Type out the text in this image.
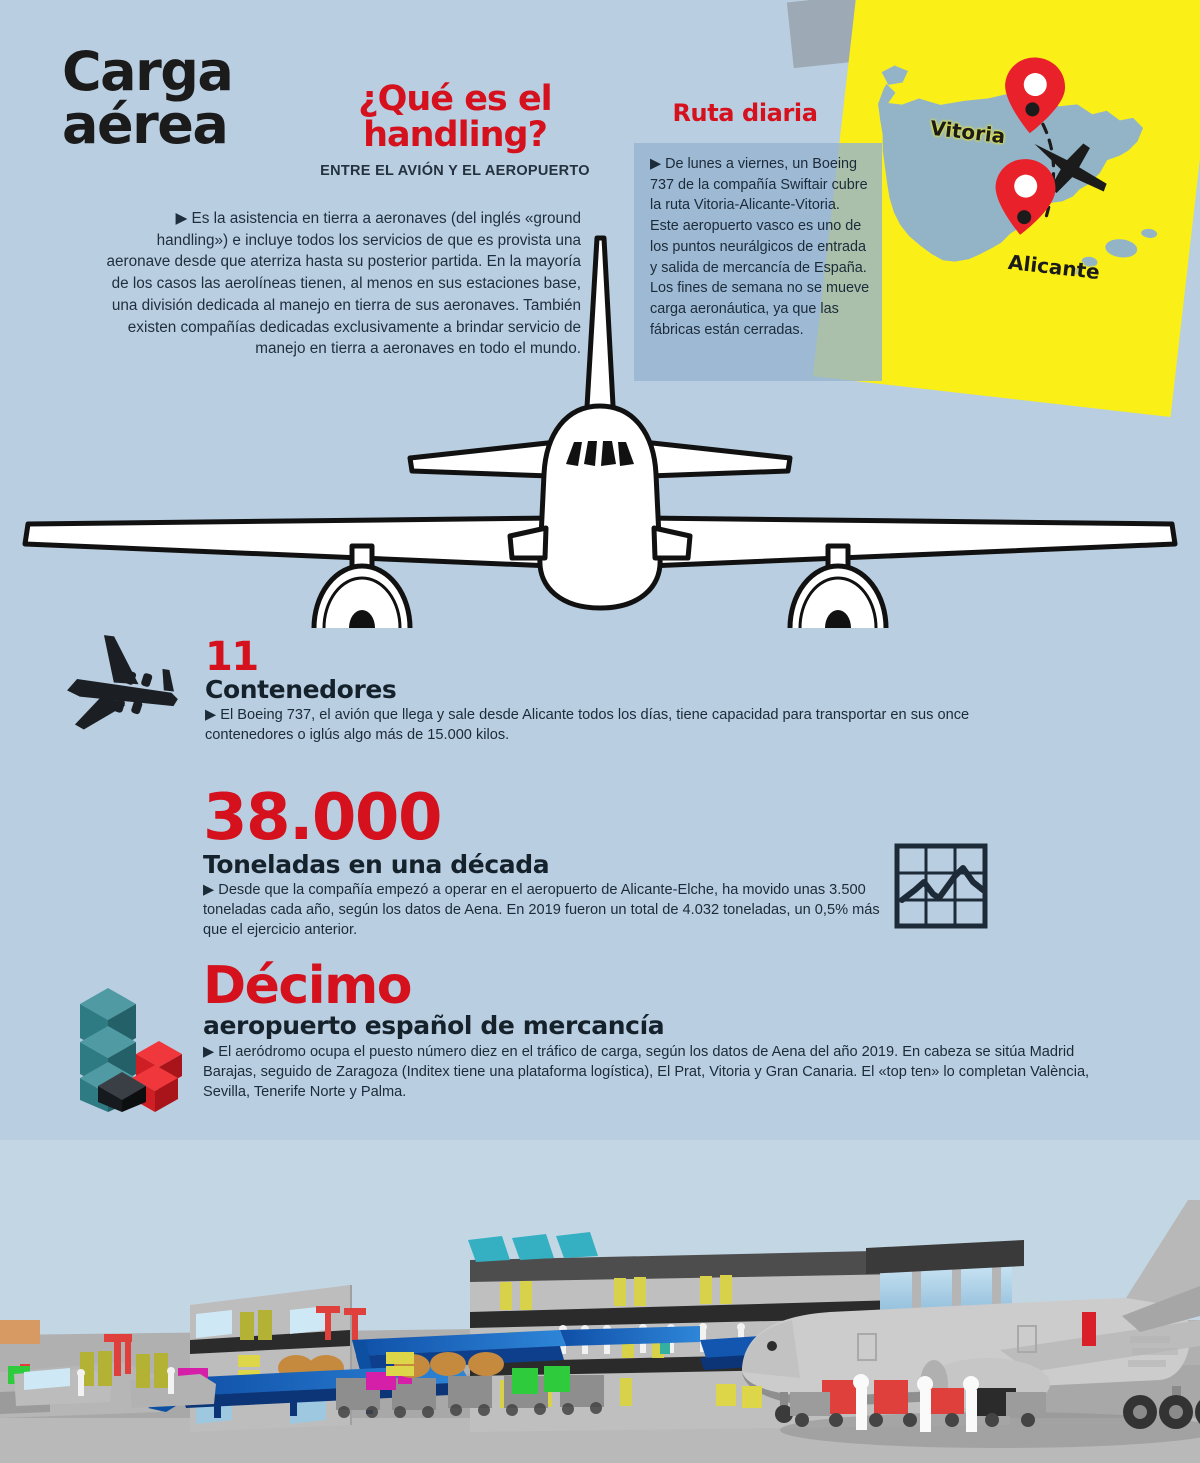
Carga
aérea	¿Qué es el
handling?
ENTRE EL AVIÓN Y EL AEROPUERTO
▶ Es la asistencia en tierra a aeronaves (del inglés «ground handling») e incluye todos los servicios de que es provista una aeronave desde que aterriza hasta su posterior partida. En la mayoría de los casos las aerolíneas tienen, al menos en sus estaciones base, una división dedicada al manejo en tierra de sus aeronaves. También existen compañías dedicadas exclusivamente a brindar servicio de manejo en tierra a aeronaves en todo el mundo.
Vitoria
Alicante
Ruta diaria
▶ De lunes a viernes, un Boeing 737 de la compañía Swiftair cubre la ruta Vitoria-Alicante-Vitoria. Este aeropuerto vasco es uno de los puntos neurálgicos de entrada y salida de mercancía de España. Los fines de semana no se mueve carga aeronáutica, ya que las fábricas están cerradas.
11
Contenedores
▶ El Boeing 737, el avión que llega y sale desde Alicante todos los días, tiene capacidad para transportar en sus once contenedores o iglús algo más de 15.000 kilos.
38.000
Toneladas en una década
▶ Desde que la compañía empezó a operar en el aeropuerto de Alicante-Elche, ha movido unas 3.500 toneladas cada año, según los datos de Aena. En 2019 fueron un total de 4.032 toneladas, un 0,5% más que el ejercicio anterior.
Décimo
aeropuerto español de mercancía
▶ El aeródromo ocupa el puesto número diez en el tráfico de carga, según los datos de Aena del año 2019. En cabeza se sitúa Madrid Barajas, seguido de Zaragoza (Inditex tiene una plataforma logística), El Prat, Vitoria y Gran Canaria. El «top ten» lo completan València, Sevilla, Tenerife Norte y Palma.
